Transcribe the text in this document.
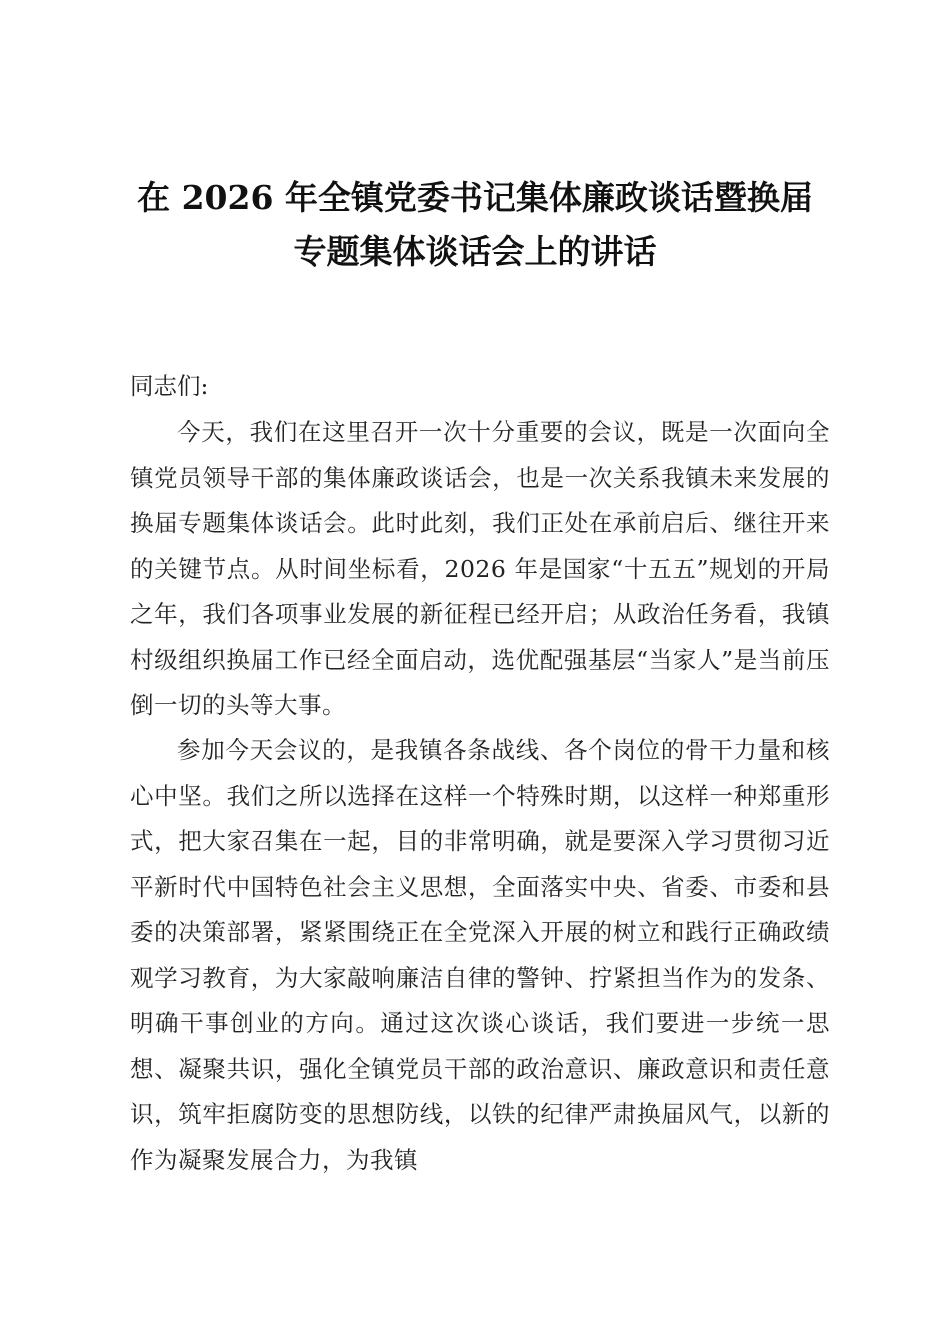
在 2026 年全镇党委书记集体廉政谈话暨换届
专题集体谈话会上的讲话
同志们:

今天，我们在这里召开一次十分重要的会议，既是一次面向全镇党员领导干部的集体廉政谈话会，也是一次关系我镇未来发展的换届专题集体谈话会。此时此刻，我们正处在承前启后、继往开来的关键节点。从时间坐标看，2026 年是国家“十五五”规划的开局之年，我们各项事业发展的新征程已经开启；从政治任务看，我镇村级组织换届工作已经全面启动，选优配强基层“当家人”是当前压倒一切的头等大事。

参加今天会议的，是我镇各条战线、各个岗位的骨干力量和核心中坚。我们之所以选择在这样一个特殊时期，以这样一种郑重形式，把大家召集在一起，目的非常明确，就是要深入学习贯彻习近平新时代中国特色社会主义思想，全面落实中央、省委、市委和县委的决策部署，紧紧围绕正在全党深入开展的树立和践行正确政绩观学习教育，为大家敲响廉洁自律的警钟、拧紧担当作为的发条、明确干事创业的方向。通过这次谈心谈话，我们要进一步统一思想、凝聚共识，强化全镇党员干部的政治意识、廉政意识和责任意识，筑牢拒腐防变的思想防线，以铁的纪律严肃换届风气，以新的作为凝聚发展合力，为我镇
